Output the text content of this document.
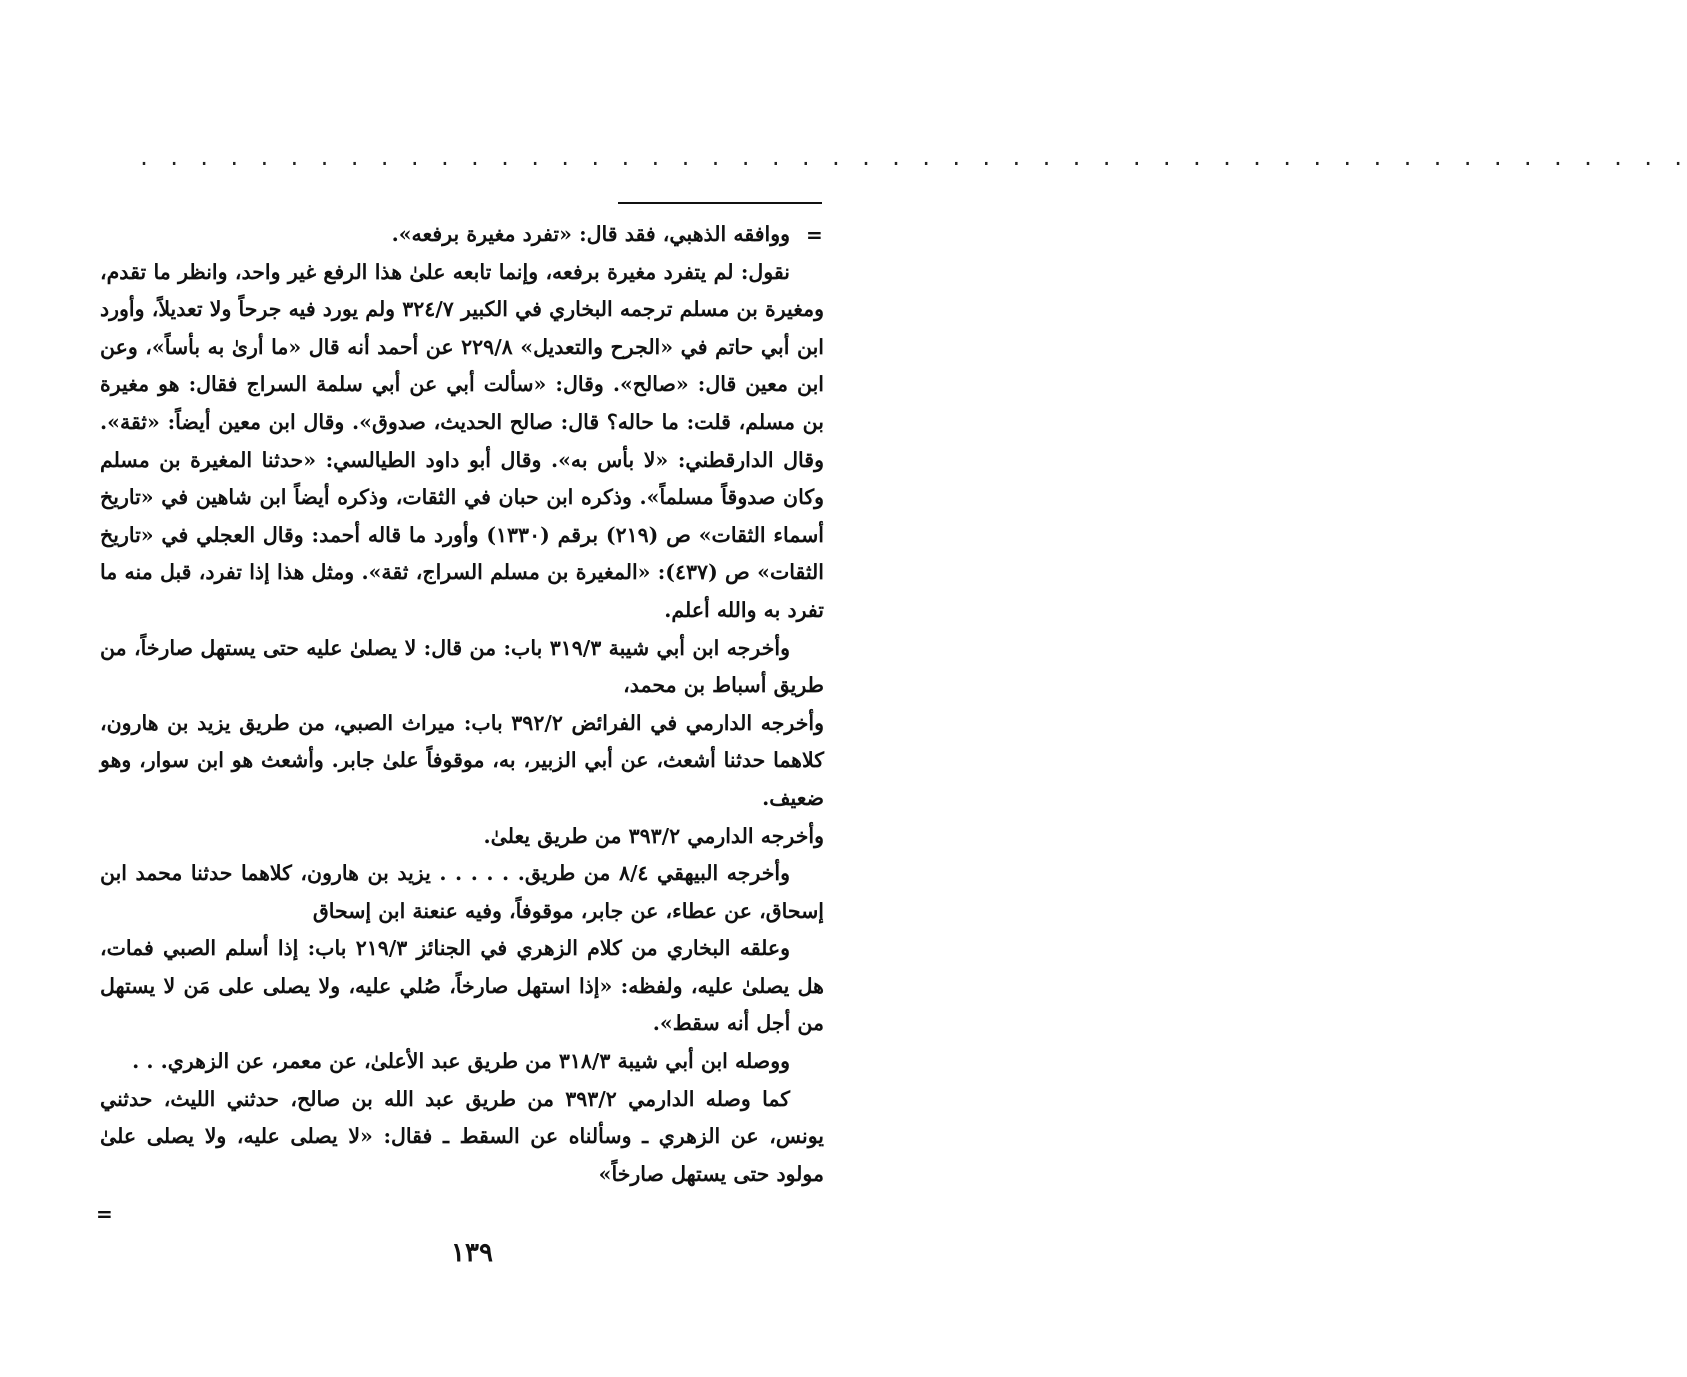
. . . . . . . . . . . . . . . . . . . . . . . . . . . . . . . . . . . . . . . . . . . . . . . . . . . .
=

ووافقه الذهبي، فقد قال: «تفرد مغيرة برفعه».

نقول: لم يتفرد مغيرة برفعه، وإنما تابعه علىٰ هذا الرفع غير واحد، وانظر ما تقدم، ومغيرة بن مسلم ترجمه البخاري في الكبير ٣٢٤/٧ ولم يورد فيه جرحاً ولا تعديلاً، وأورد ابن أبي حاتم في «الجرح والتعديل» ٢٢٩/٨ عن أحمد أنه قال «ما أرىٰ به بأساً»، وعن ابن معين قال: «صالح». وقال: «سألت أبي عن أبي سلمة السراج فقال: هو مغيرة بن مسلم، قلت: ما حاله؟ قال: صالح الحديث، صدوق». وقال ابن معين أيضاً: «ثقة». وقال الدارقطني: «لا بأس به». وقال أبو داود الطيالسي: «حدثنا المغيرة بن مسلم وكان صدوقاً مسلماً». وذكره ابن حبان في الثقات، وذكره أيضاً ابن شاهين في «تاريخ أسماء الثقات» ص (٢١٩) برقم (١٣٣٠) وأورد ما قاله أحمد: وقال العجلي في «تاريخ الثقات» ص (٤٣٧): «المغيرة بن مسلم السراج، ثقة». ومثل هذا إذا تفرد، قبل منه ما تفرد به والله أعلم.

وأخرجه ابن أبي شيبة ٣١٩/٣ باب: من قال: لا يصلىٰ عليه حتى يستهل صارخاً، من طريق أسباط بن محمد،

وأخرجه الدارمي في الفرائض ٣٩٢/٢ باب: ميراث الصبي، من طريق يزيد بن هارون، كلاهما حدثنا أشعث، عن أبي الزبير، به، موقوفاً علىٰ جابر. وأشعث هو ابن سوار، وهو ضعيف.

وأخرجه الدارمي ٣٩٣/٢ من طريق يعلىٰ.

وأخرجه البيهقي ٨/٤ من طريق. . . . . . يزيد بن هارون، كلاهما حدثنا محمد ابن إسحاق، عن عطاء، عن جابر، موقوفاً، وفيه عنعنة ابن إسحاق

وعلقه البخاري من كلام الزهري في الجنائز ٢١٩/٣ باب: إذا أسلم الصبي فمات، هل يصلىٰ عليه، ولفظه: «إذا استهل صارخاً، صُلي عليه، ولا يصلى على مَن لا يستهل من أجل أنه سقط».

ووصله ابن أبي شيبة ٣١٨/٣ من طريق عبد الأعلىٰ، عن معمر، عن الزهري. . .

كما وصله الدارمي ٣٩٣/٢ من طريق عبد الله بن صالح، حدثني الليث، حدثني يونس، عن الزهري ـ وسألناه عن السقط ـ فقال: «لا يصلى عليه، ولا يصلى علىٰ مولود حتى يستهل صارخاً»

=
١٣٩
